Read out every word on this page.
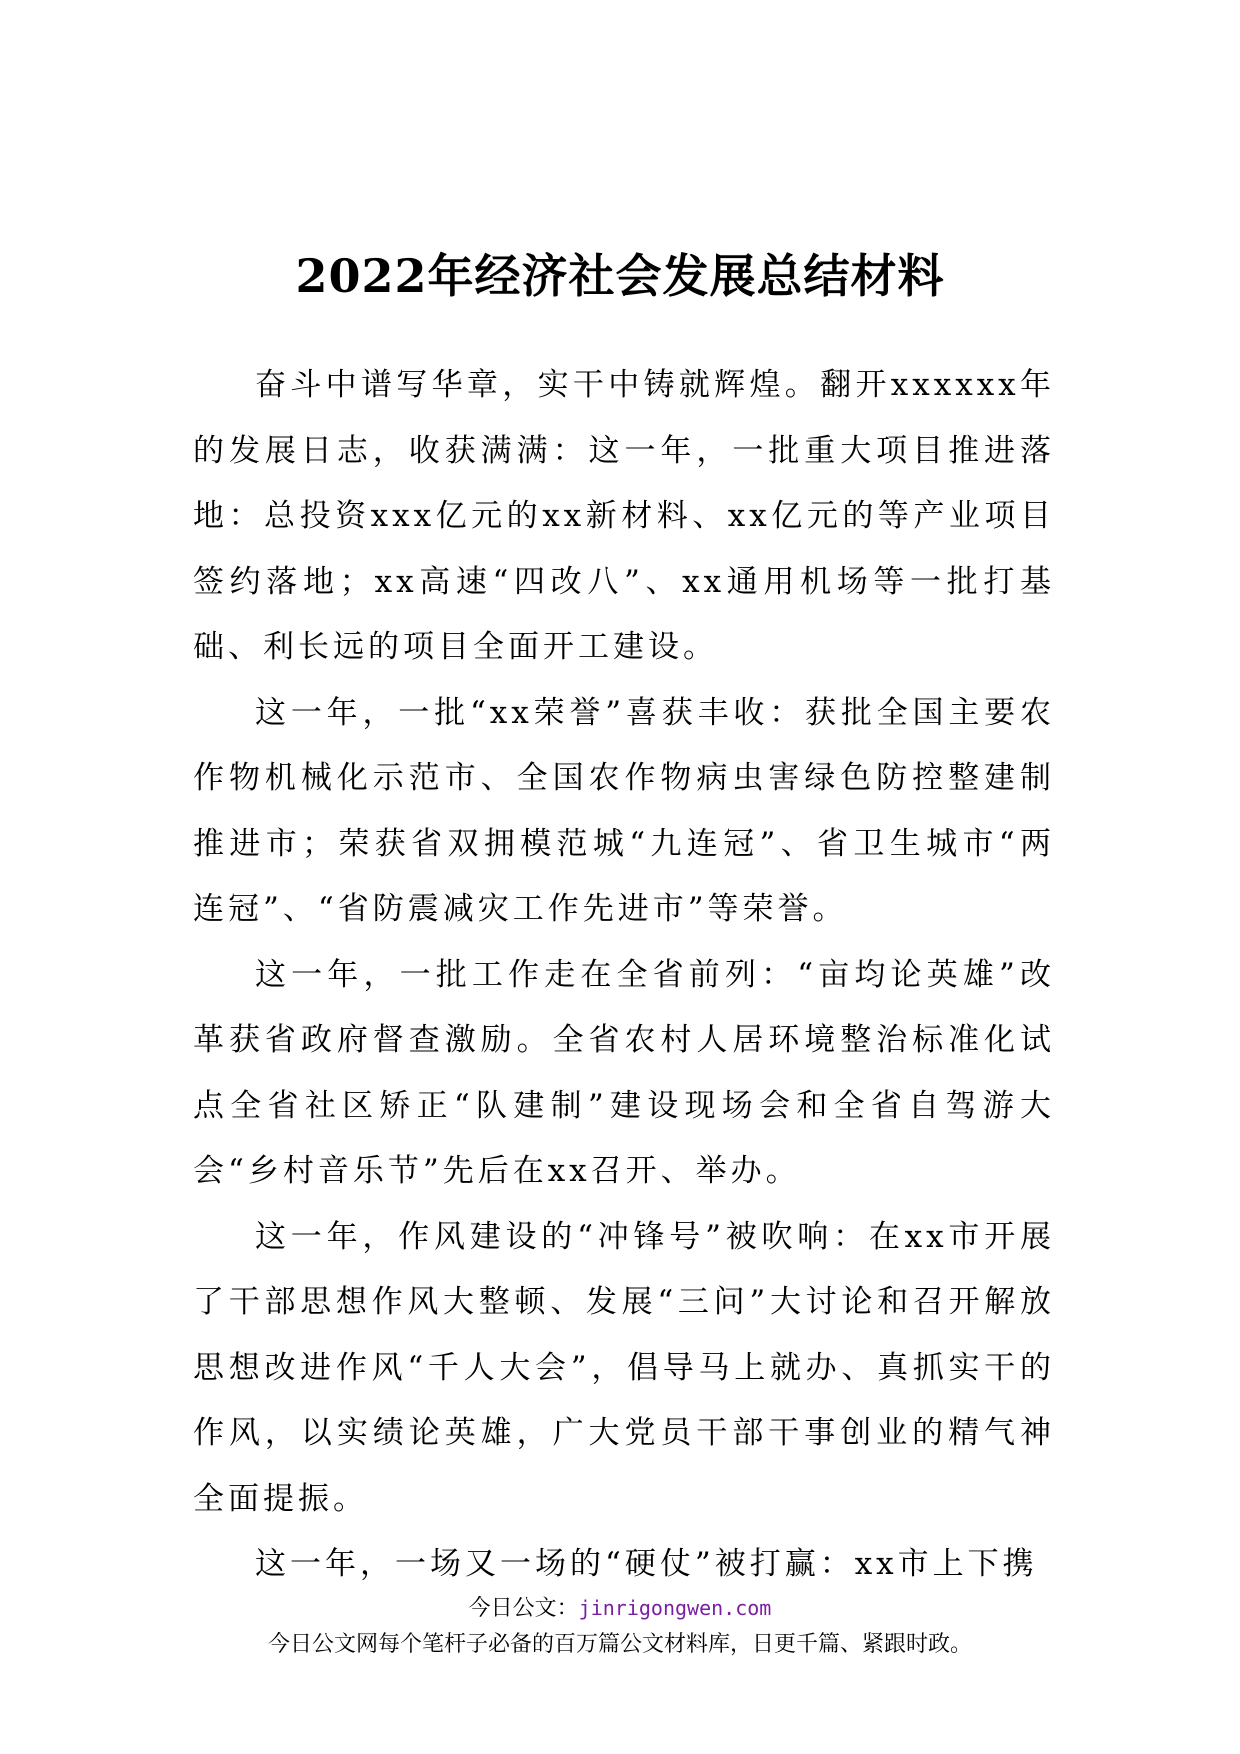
2022年经济社会发展总结材料

奋斗中谱写华章，实干中铸就辉煌。翻开xxxxxx年的发展日志，收获满满：这一年，一批重大项目推进落地：总投资xxx亿元的xx新材料、xx亿元的等产业项目签约落地；xx高速“四改八”、xx通用机场等一批打基础、利长远的项目全面开工建设。

这一年，一批“xx荣誉”喜获丰收：获批全国主要农作物机械化示范市、全国农作物病虫害绿色防控整建制推进市；荣获省双拥模范城“九连冠”、省卫生城市“两连冠”、“省防震减灾工作先进市”等荣誉。

这一年，一批工作走在全省前列：“亩均论英雄”改革获省政府督查激励。全省农村人居环境整治标准化试点全省社区矫正“队建制”建设现场会和全省自驾游大会“乡村音乐节”先后在xx召开、举办。

这一年，作风建设的“冲锋号”被吹响：在xx市开展了干部思想作风大整顿、发展“三问”大讨论和召开解放思想改进作风“千人大会”，倡导马上就办、真抓实干的作风，以实绩论英雄，广大党员干部干事创业的精气神全面提振。

这一年，一场又一场的“硬仗”被打赢：xx市上下携

今日公文：jinrigongwen.com
今日公文网每个笔杆子必备的百万篇公文材料库，日更千篇、紧跟时政。
